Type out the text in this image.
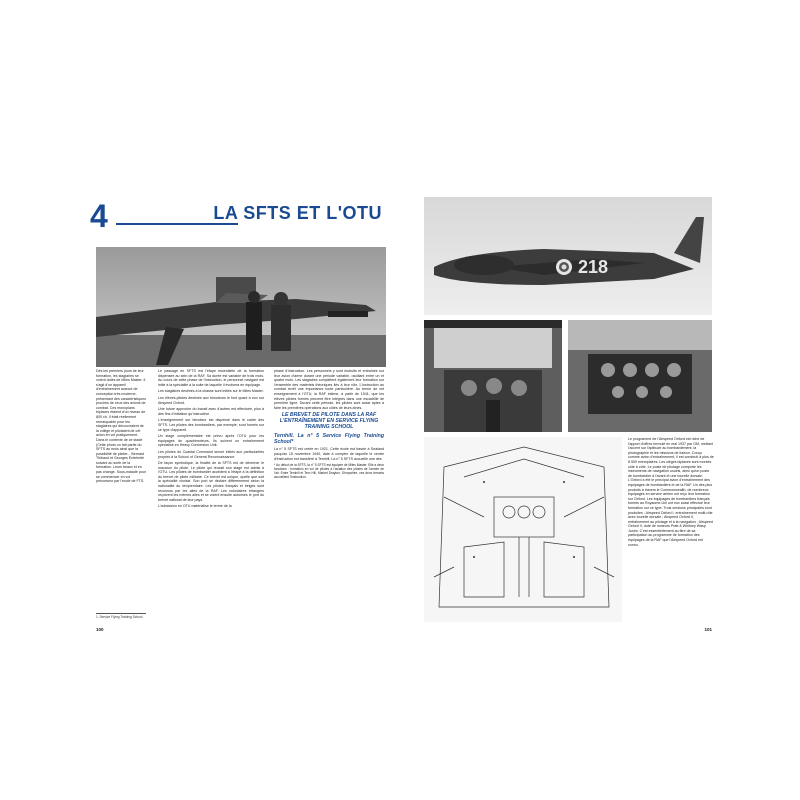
4	LA SFTS ET L'OTU
Dès les premiers jours de leur formation, les stagiaires se voient dotés de Miles Master. Il s'agit d'un appareil d'entraînement avancé de conception très moderne, présentant des caractéristiques proches de ceux des avions de combat. Ces monoplans biplaces étaient d'un niveau de 800 ch. Il était réellement remarquable pour les stagiaires qui découvraient de la voltige et pilotaient de cet avion en vol pratiquement. Dans le contexte de ce stade (Cette photo on fait partie du SFTS au mois ainsi que la possibilité de piloter... Bernard Thibaud et Georges Extrémité suivant au sortir de la formation. Leurs beaux et en pas change. Sous-malade pour se commencer en vol précurseur par l'ecole de FTS.

Le passage en SFTS est l'étape essentielle de la formation dispensée au sein de la RAF. Sa durée est variable de trois mois. Au cours de cette phase de l'instruction, le personnel navigant est initié à la spécialité à la suite de laquelle il évoluera en équipage.

Les stagiaires destinés à la chasse sont initiés sur le Miles Master.

Les élèves-pilotes destinés aux bimoteurs le font quant à eux sur Airspeed Oxford.

Une future approche du travail avec d'autres est effectuée, plus à des fins d'initiation qu'instructive.

L'enseignement sur bimoteur est dispensé dans le cadre des SFTS. Les pilotes des bombardiers, par exemple, sont formés sur ce type d'appareil.

Un stage complémentaire est prévu après l'OTU pour les équipages de quadrimoteurs. Ils suivent un entraînement spécialisé en Heavy Conversion Unit.

Les pilotes du Coastal Command seront initiés aux particularités propres à la School of General Reconnaissance.

De façon symbolique, la finalité de la SFTS est de décerner le macaron du pilote. Le pilote qui réussit son stage est admis à l'OTU. Les pilotes de bombardier accèdent à l'étape à la définition du brevet de pilote militaire. Ce brevet est unique, quelle que soit la spécialité choisie. Son port se déclare différemment selon la nationalité du récipiendaire. Les pilotes français et belges sont reconnus par les ailes de la RAF. Les volontaires étrangers reçoivent les mêmes ailes et se voient ensuite autorisés le port du brevet national de leur pays.

L'admission en OTU matérialise le terme de la

phase d'instruction. Les personnels y sont instruits et entraînés sur leur avion d'arme durant une période variable, oscillant entre un et quatre mois. Les stagiaires complètent également leur formation sur l'ensemble des matériels théoriques liés à leur rôle. L'instruction au combat revêt une importance toute particulière. Au terme de cet enseignement à l'OTU, la RAF estime, à partir de 1941, que les élèves pilotes formés peuvent être intégrés dans une escadrille de première ligne. Durant cette période, les pilotes sont aussi aptes à faire les premières opérations aux côtés de leurs aînés.

LE BREVET DE PILOTE DANS LA RAF L'ENTRAÎNEMENT EN SERVICE FLYING TRAINING SCHOOL
Ternhill. La n° 5 Service Flying Training School*

La n° 5 SFTS est créée en 1921. Cette école est basée à Sealand jusqu'au 15 novembre 1940, date à compter de laquelle le centre d'instruction est transféré à Ternhill. La n° 5 SFTS accueille une des

* Au début de la SFTS, la n° 5 SFTS est équipée de Miles Master. Elle a deux fonctions : formation en vol de pilotes à l'aviation des pilotes de l'armée de l'air. Entre Ternhill et Tern Hill, Market Drayton, Shropshire, ces deux terrains accueillent l'instruction.

1. Service Flying Training School
100
218
Le programme de l'Airspeed Oxford est riche de l'apport d'offres formulé en mai 1937 par GM, mettant l'accent sur l'aptitude au bombardement, la photographie et les missions de liaison. Conçu comme avion d'entraînement, il est construit à plus de 8 500 exemplaires. Les sièges biplaces sont montés côte à côte. Le poste de pilotage comporte les instruments de navigation usuels, ainsi qu'un poste de bombardier à l'avant et une tourelle dorsale. L'Oxford a été le principal avion d'entraînement des équipages de bombardiers et de la RAF. Un des plus produits à travers le Commonwealth, de nombreux équipages en service aérien ont reçu leur formation sur Oxford. Les équipages de bombardiers français formés au Royaume-Uni ont eux aussi effectué leur formation sur ce type. Trois versions principales sont produites : Airspeed Oxford I, entraînement multi-rôle avec tourelle dorsale ; Airspeed Oxford II, entraînement au pilotage et à la navigation ; Airspeed Oxford V, doté de moteurs Pratt & Whitney Wasp Junior. C'est essentiellement au titre de sa participation au programme de formation des équipages de la RAF que l'Airspeed Oxford est connu.
101
